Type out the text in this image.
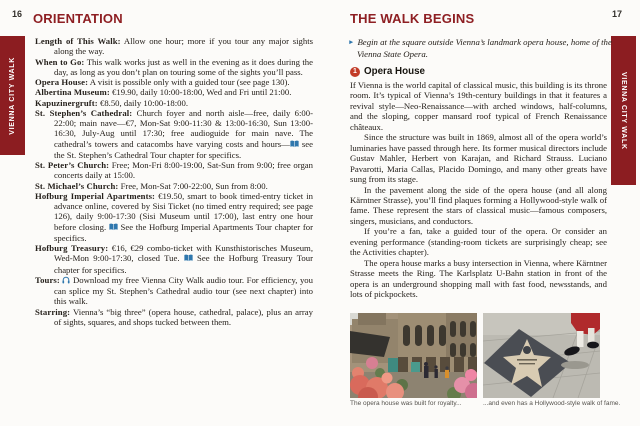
16	17
VIENNA CITY WALK	VIENNA CITY WALK
ORIENTATION	THE WALK BEGINS

Length of This Walk: Allow one hour; more if you tour any major sights along the way.

When to Go: This walk works just as well in the evening as it does during the day, as long as you don’t plan on touring some of the sights you’ll pass.

Opera House: A visit is possible only with a guided tour (see page 130).

Albertina Museum: €19.90, daily 10:00-18:00, Wed and Fri until 21:00.

Kapuzinergruft: €8.50, daily 10:00-18:00.

St. Stephen’s Cathedral: Church foyer and north aisle—free, daily 6:00-22:00; main nave—€7, Mon-Sat 9:00-11:30 & 13:00-16:30, Sun 13:00-16:30, July-Aug until 17:30; free audioguide for main nave. The cathedral’s towers and catacombs have varying costs and hours— see the St. Stephen’s Cathedral Tour chapter for specifics.

St. Peter’s Church: Free; Mon-Fri 8:00-19:00, Sat-Sun from 9:00; free organ concerts daily at 15:00.

St. Michael’s Church: Free, Mon-Sat 7:00-22:00, Sun from 8:00.

Hofburg Imperial Apartments: €19.50, smart to book timed-entry ticket in advance online, covered by Sisi Ticket (no timed entry required; see page 126), daily 9:00-17:30 (Sisi Museum until 17:00), last entry one hour before closing.  See the Hofburg Imperial Apartments Tour chapter for specifics.

Hofburg Treasury: €16, €29 combo-ticket with Kunsthistorisches Museum, Wed-Mon 9:00-17:30, closed Tue.  See the Hofburg Treasury Tour chapter for specifics.

Tours:  Download my free Vienna City Walk audio tour. For efficiency, you can splice my St. Stephen’s Cathedral audio tour (see next chapter) into this walk.

Starring: Vienna’s “big three” (opera house, cathedral, palace), plus an array of sights, squares, and shops tucked between them.

► Begin at the square outside Vienna’s landmark opera house, home of the Vienna State Opera.

1 Opera House

If Vienna is the world capital of classical music, this building is its throne room. It’s typical of Vienna’s 19th-century buildings in that it features a revival style—Neo-Renaissance—with arched windows, half-columns, and the sloping, copper mansard roof typical of French Renaissance châteaux.

Since the structure was built in 1869, almost all of the opera world’s luminaries have passed through here. Its former musical directors include Gustav Mahler, Herbert von Karajan, and Richard Strauss. Luciano Pavarotti, Maria Callas, Placido Domingo, and many other greats have sung from its stage.

In the pavement along the side of the opera house (and all along Kärntner Strasse), you’ll find plaques forming a Hollywood-style walk of fame. These represent the stars of classical music—famous composers, singers, musicians, and conductors.

If you’re a fan, take a guided tour of the opera. Or consider an evening performance (standing-room tickets are surprisingly cheap; see the Activities chapter).

The opera house marks a busy intersection in Vienna, where Kärntner Strasse meets the Ring. The Karlsplatz U-Bahn station in front of the opera is an underground shopping mall with fast food, newsstands, and lots of pickpockets.

The opera house was built for royalty...	...and even has a Hollywood-style walk of fame.
